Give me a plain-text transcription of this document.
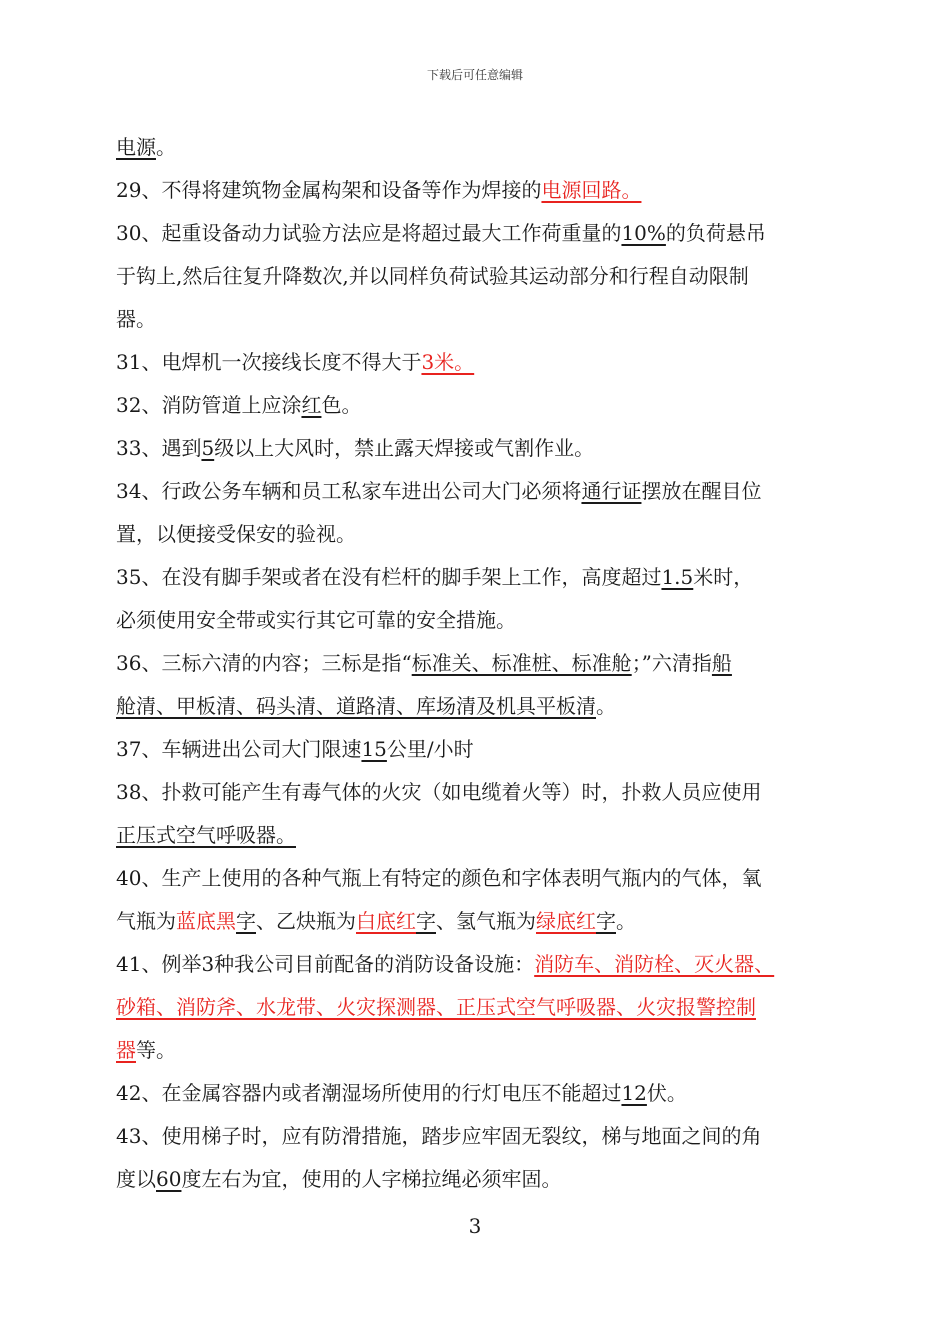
下载后可任意编辑
电源。
29、不得将建筑物金属构架和设备等作为焊接的电源回路。
30、起重设备动力试验方法应是将超过最大工作荷重量的10%的负荷悬吊
于钩上,然后往复升降数次,并以同样负荷试验其运动部分和行程自动限制
器。
31、电焊机一次接线长度不得大于3米。
32、消防管道上应涂红色。
33、遇到5级以上大风时，禁止露天焊接或气割作业。
34、行政公务车辆和员工私家车进出公司大门必须将通行证摆放在醒目位
置，以便接受保安的验视。
35、在没有脚手架或者在没有栏杆的脚手架上工作，高度超过1.5米时，
必须使用安全带或实行其它可靠的安全措施。
36、三标六清的内容；三标是指“标准关、标准桩、标准舱；”六清指船
舱清、甲板清、码头清、道路清、库场清及机具平板清。
37、车辆进出公司大门限速15公里/小时
38、扑救可能产生有毒气体的火灾（如电缆着火等）时，扑救人员应使用
正压式空气呼吸器。
40、生产上使用的各种气瓶上有特定的颜色和字体表明气瓶内的气体，氧
气瓶为蓝底黑字、乙炔瓶为白底红字、氢气瓶为绿底红字。
41、例举3种我公司目前配备的消防设备设施：消防车、消防栓、灭火器、
砂箱、消防斧、水龙带、火灾探测器、正压式空气呼吸器、火灾报警控制
器等。
42、在金属容器内或者潮湿场所使用的行灯电压不能超过12伏。
43、使用梯子时，应有防滑措施，踏步应牢固无裂纹，梯与地面之间的角
度以60度左右为宜，使用的人字梯拉绳必须牢固。
3
